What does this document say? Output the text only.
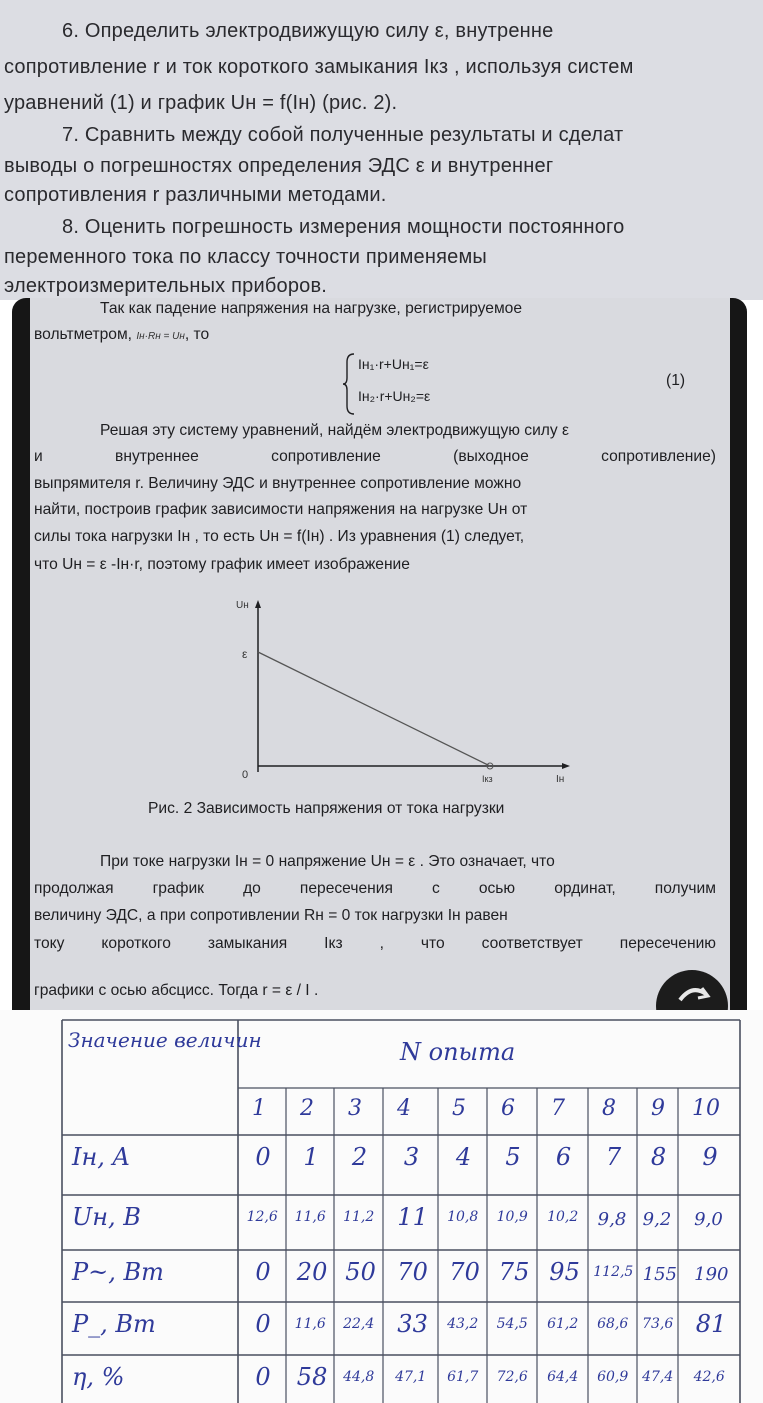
6. Определить электродвижущую силу ε, внутренне
сопротивление r и ток короткого замыкания Iкз , используя систем
уравнений (1) и график Uн = f(Iн) (рис. 2).
7. Сравнить между собой полученные результаты и сделат
выводы о погрешностях определения ЭДС ε и внутреннег
сопротивления r различными методами.
8. Оценить погрешность измерения мощности постоянного
переменного тока по классу точности применяемы
электроизмерительных приборов.
Так как падение напряжения на нагрузке, регистрируемое
вольтметром, Iн·Rн = Uн, то
Iн₁·r+Uн₁=ε
Iн₂·r+Uн₂=ε
(1)
Решая эту систему уравнений, найдём электродвижущую силу ε
и внутреннее сопротивление (выходное сопротивление)
выпрямителя r. Величину ЭДС и внутреннее сопротивление можно
найти, построив график зависимости напряжения на нагрузке Uн от
силы тока нагрузки Iн , то есть Uн = f(Iн) . Из уравнения (1) следует,
что Uн = ε -Iн·r, поэтому график имеет изображение
Uн
Iн
0
ε
Iкз
Рис. 2 Зависимость напряжения от тока нагрузки
При токе нагрузки Iн = 0 напряжение Uн = ε . Это означает, что
продолжая график до пересечения с осью ординат, получим
величину ЭДС, а при сопротивлении Rн = 0 ток нагрузки Iн равен
току короткого замыкания Iкз , что соответствует пересечению
графики с осью абсцисс. Тогда r = ε / I .
Значение величин	N опыта
1 2 3 4 5 6 7 8 9 10
Iн, A	0 1 2 3 4 5 6 7 8 9
Uн, В	12,6 11,6 11,2 11 10,8 10,9 10,2 9,8 9,2 9,0
P~, Вт	0 20 50 70 70 75 95 112,5 155 190
P_, Вт	0 11,6 22,4 33 43,2 54,5 61,2 68,6 73,6 81
η, %	0 58 44,8 47,1 61,7 72,6 64,4 60,9 47,4 42,6
